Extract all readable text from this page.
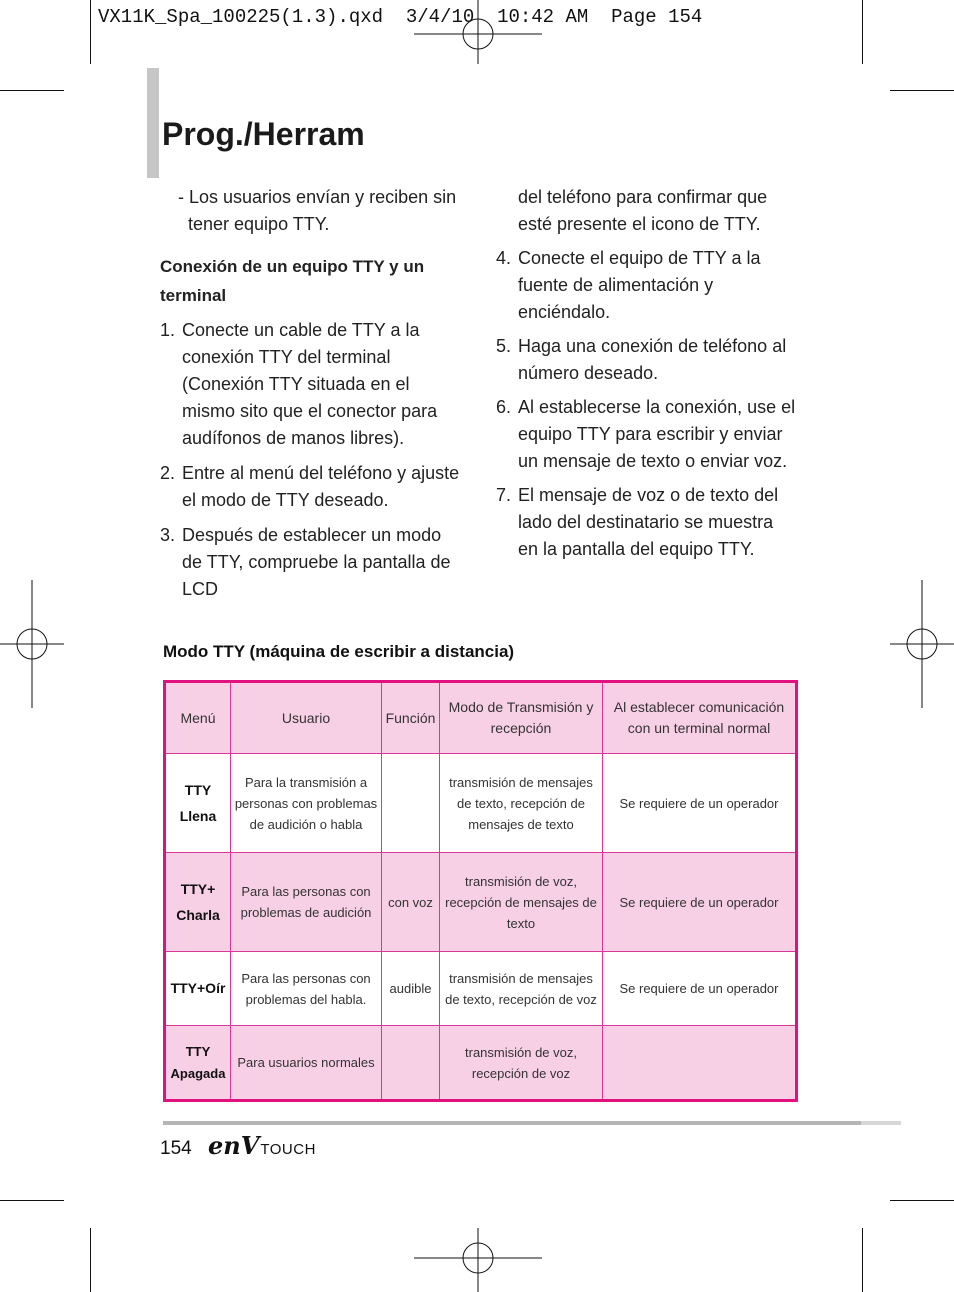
VX11K_Spa_100225(1.3).qxd  3/4/10  10:42 AM  Page 154
Prog./Herram
- Los usuarios envían y reciben sin tener equipo TTY.
Conexión de un equipo TTY y un terminal
1. Conecte un cable de TTY a la conexión TTY del terminal (Conexión TTY situada en el mismo sito que el conector para audífonos de manos libres).
2. Entre al menú del teléfono y ajuste el modo de TTY deseado.
3. Después de establecer un modo de TTY, compruebe la pantalla de LCD
del teléfono para confirmar que esté presente el icono de TTY.
4. Conecte el equipo de TTY a la fuente de alimentación y enciéndalo.
5. Haga una conexión de teléfono al número deseado.
6. Al establecerse la conexión, use el equipo TTY para escribir y enviar un mensaje de texto o enviar voz.
7. El mensaje de voz o de texto del lado del destinatario se muestra en la pantalla del equipo TTY.
Modo TTY (máquina de escribir a distancia)
Menú	Usuario	Función	Modo de Transmisión y recepción	Al establecer comunicación con un terminal normal
TTY Llena	Para la transmisión a personas con problemas de audición o habla		transmisión de mensajes de texto, recepción de mensajes de texto	Se requiere de un operador
TTY+ Charla	Para las personas con problemas de audición	con voz	transmisión de voz, recepción de mensajes de texto	Se requiere de un operador
TTY+Oír	Para las personas con problemas del habla.	audible	transmisión de mensajes de texto, recepción de voz	Se requiere de un operador
TTY Apagada	Para usuarios normales		transmisión de voz, recepción de voz	
154 enV TOUCH
